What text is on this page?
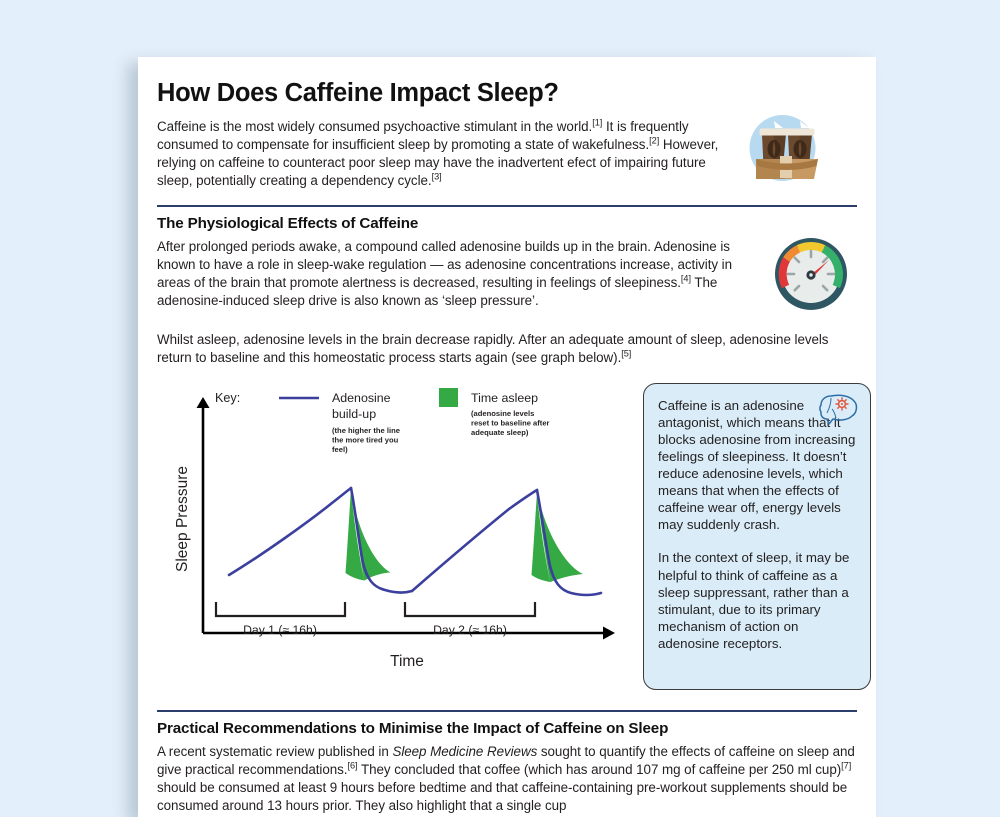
How Does Caffeine Impact Sleep?

Caffeine is the most widely consumed psychoactive stimulant in the world.[1] It is frequently consumed to compensate for insufficient sleep by promoting a state of wakefulness.[2] However, relying on caffeine to counteract poor sleep may have the inadvertent efect of impairing future sleep, potentially creating a dependency cycle.[3]

The Physiological Effects of Caffeine

After prolonged periods awake, a compound called adenosine builds up in the brain. Adenosine is known to have a role in sleep-wake regulation — as adenosine concentrations increase, activity in areas of the brain that promote alertness is decreased, resulting in feelings of sleepiness.[4] The adenosine-induced sleep drive is also known as ‘sleep pressure’.

Whilst asleep, adenosine levels in the brain decrease rapidly. After an adequate amount of sleep, adenosine levels return to baseline and this homeostatic process starts again (see graph below).[5]

Day 1 (≈ 16h)	Day 2 (≈ 16h)
Sleep Pressure
Time
Key:	Adenosine
build-up
(the higher the line the more tired you feel)
Time asleep
(adenosine levels reset to baseline after adequate sleep)

Caffeine is an adenosine antagonist, which means that it blocks adenosine from increasing feelings of sleepiness. It doesn’t reduce adenosine levels, which means that when the effects of caffeine wear off, energy levels may suddenly crash.

In the context of sleep, it may be helpful to think of caffeine as a sleep suppressant, rather than a stimulant, due to its primary mechanism of action on adenosine receptors.

Practical Recommendations to Minimise the Impact of Caffeine on Sleep

A recent systematic review published in Sleep Medicine Reviews sought to quantify the effects of caffeine on sleep and give practical recommendations.[6] They concluded that coffee (which has around 107 mg of caffeine per 250 ml cup)[7] should be consumed at least 9 hours before bedtime and that caffeine-containing pre-workout supplements should be consumed around 13 hours prior. They also highlight that a single cup
